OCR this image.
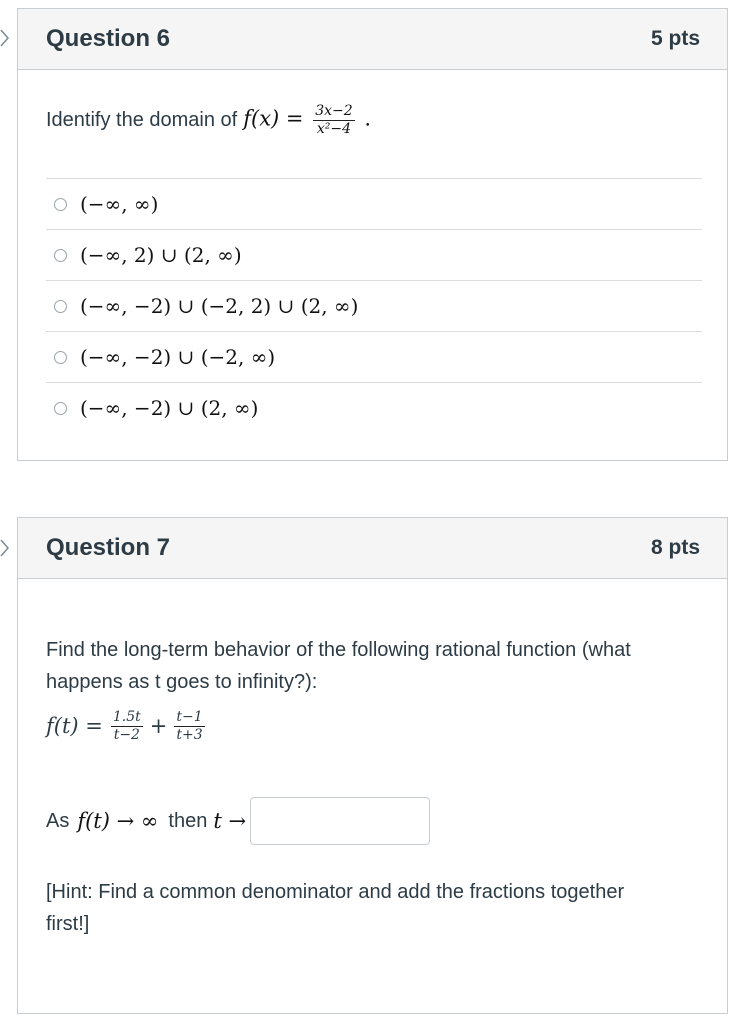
Question 6	5 pts
Identify the domain of $f(x) = \frac{3x-2}{\text{x²−4}}$ .
(−∞, ∞)
(−∞, 2) ∪ (2, ∞)
(−∞, −2) ∪ (−2, 2) ∪ (2, ∞)
(−∞, −2) ∪ (−2, ∞)
(−∞, −2) ∪ (2, ∞)
Question 7	8 pts
Find the long-term behavior of the following rational function (what
happens as t goes to infinity?):
$f(t) = \frac{1.5t}{t-2} + \frac{t-1}{t+3}$
As f(t) → ∞ then t →
[Hint: Find a common denominator and add the fractions together
first!]
